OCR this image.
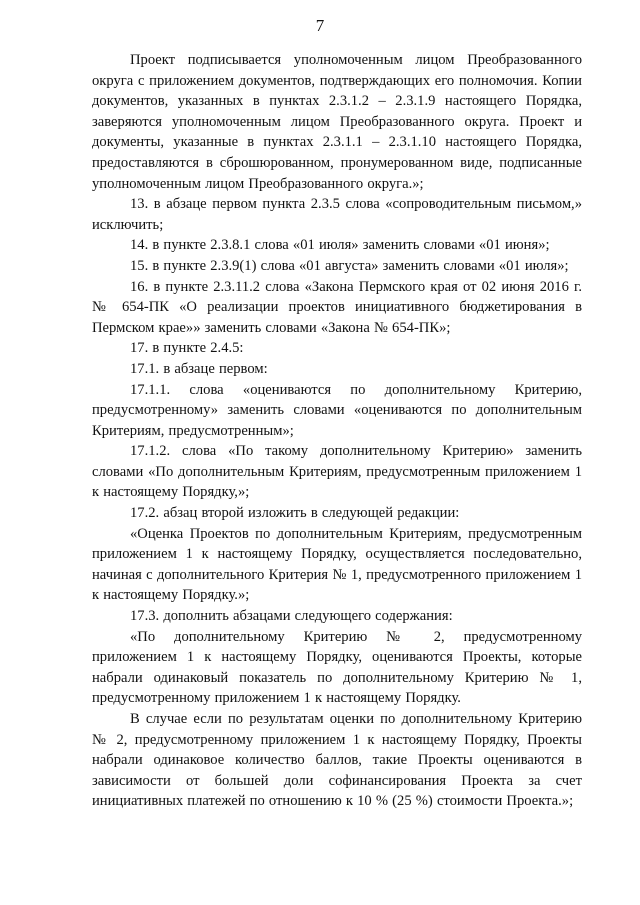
7

Проект подписывается уполномоченным лицом Преобразованного округа с приложением документов, подтверждающих его полномочия. Копии документов, указанных в пунктах 2.3.1.2 – 2.3.1.9 настоящего Порядка, заверяются уполномоченным лицом Преобразованного округа. Проект и документы, указанные в пунктах 2.3.1.1 – 2.3.1.10 настоящего Порядка, предоставляются в сброшюрованном, пронумерованном виде, подписанные уполномоченным лицом Преобразованного округа.»;

13. в абзаце первом пункта 2.3.5 слова «сопроводительным письмом,» исключить;

14. в пункте 2.3.8.1 слова «01 июля» заменить словами «01 июня»;

15. в пункте 2.3.9(1) слова «01 августа» заменить словами «01 июля»;

16. в пункте 2.3.11.2 слова «Закона Пермского края от 02 июня 2016 г. № 654-ПК «О реализации проектов инициативного бюджетирования в Пермском крае»» заменить словами «Закона № 654-ПК»;

17. в пункте 2.4.5:

17.1. в абзаце первом:

17.1.1. слова «оцениваются по дополнительному Критерию, предусмотренному» заменить словами «оцениваются по дополнительным Критериям, предусмотренным»;

17.1.2. слова «По такому дополнительному Критерию» заменить словами «По дополнительным Критериям, предусмотренным приложением 1 к настоящему Порядку,»;

17.2. абзац второй изложить в следующей редакции:

«Оценка Проектов по дополнительным Критериям, предусмотренным приложением 1 к настоящему Порядку, осуществляется последовательно, начиная с дополнительного Критерия № 1, предусмотренного приложением 1 к настоящему Порядку.»;

17.3. дополнить абзацами следующего содержания:

«По дополнительному Критерию № 2, предусмотренному приложением 1 к настоящему Порядку, оцениваются Проекты, которые набрали одинаковый показатель по дополнительному Критерию № 1, предусмотренному приложением 1 к настоящему Порядку.

В случае если по результатам оценки по дополнительному Критерию № 2, предусмотренному приложением 1 к настоящему Порядку, Проекты набрали одинаковое количество баллов, такие Проекты оцениваются в зависимости от большей доли софинансирования Проекта за счет инициативных платежей по отношению к 10 % (25 %) стоимости Проекта.»;
